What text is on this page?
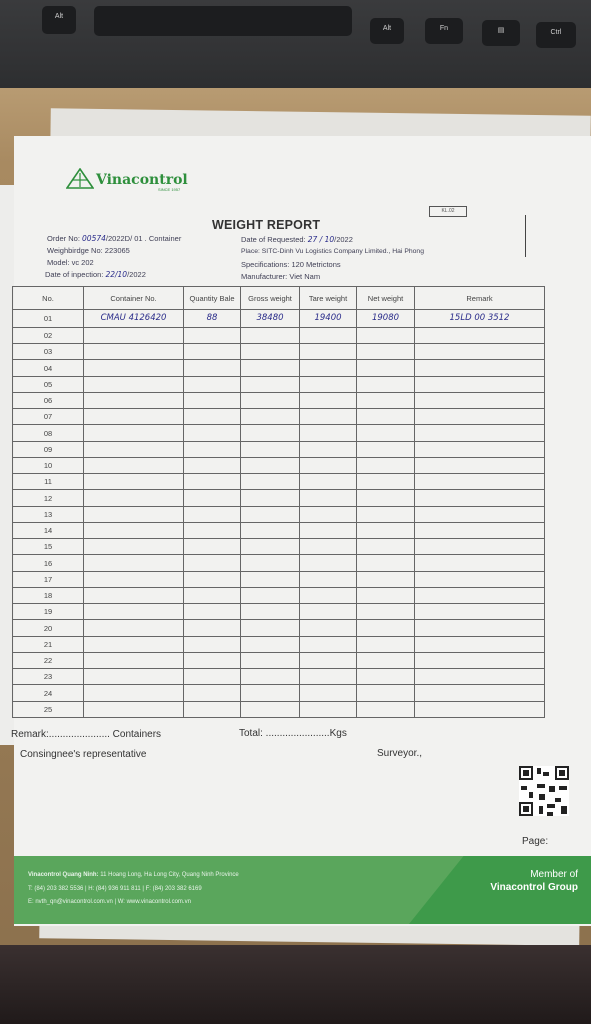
Alt
Alt	Fn	▤	Ctrl
Vinacontrol
SINCE 1957
WEIGHT REPORT
KL.02
Order No: 00574/2022D/ 01 . Container
Weighbirdge No: 223065
Model: vc 202
Date of inpection: 22/10/2022
Date of Requested: 27 / 10/2022
Place: SITC-Dinh Vu Logistics Company Limited., Hai Phong
Specifications: 120 Metrictons
Manufacturer: Viet Nam
No.	Container No.	Quantity Bale	Gross weight	Tare weight	Net weight	Remark
01	CMAU 4126420	88	38480	19400	19080	15LD 00 3512
02						
03						
04						
05						
06						
07						
08						
09						
10						
11						
12						
13						
14						
15						
16						
17						
18						
19						
20						
21						
22						
23						
24						
25						
Remark:...................... Containers	Total: .......................Kgs
Consingnee's representative	Surveyor.,
Page:
Vinacontrol Quang Ninh: 11 Hoang Long, Ha Long City, Quang Ninh Province
T: (84) 203 382 5536 | H: (84) 936 911 811 | F: (84) 203 382 6169
E: nvth_qn@vinacontrol.com.vn | W: www.vinacontrol.com.vn
Member of
Vinacontrol Group
